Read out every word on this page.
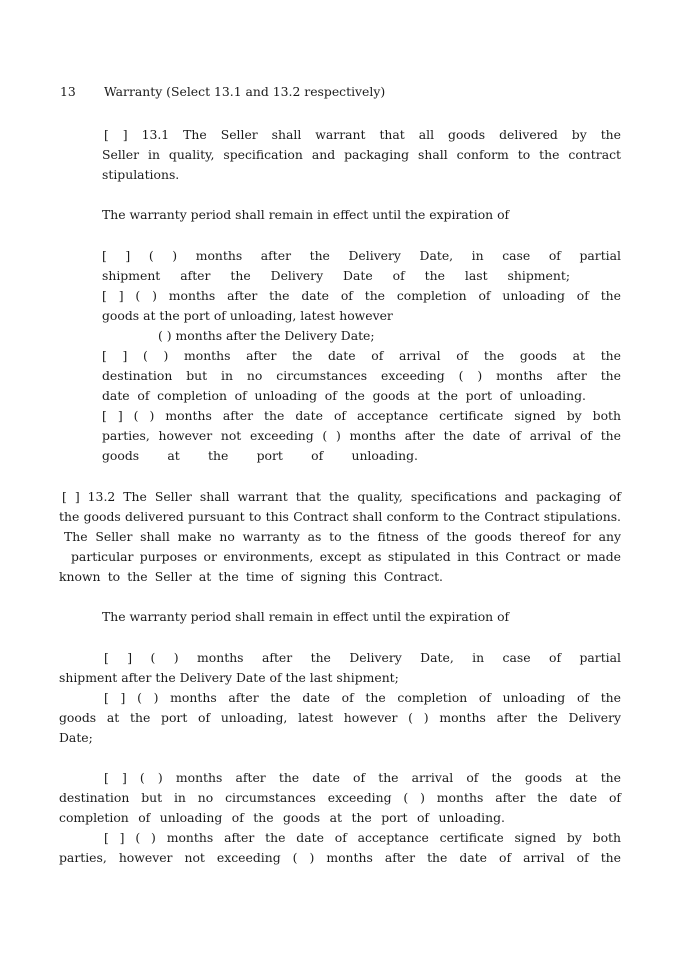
13 Warranty (Select 13.1 and 13.2 respectively)
[ ] 13.1 The Seller shall warrant that all goods delivered by the
Seller in quality, specification and packaging shall conform to the contract
stipulations.
The warranty period shall remain in effect until the expiration of
[ ] ( ) months after the Delivery Date, in case of partial
shipment after the Delivery Date of the last shipment;
[ ] ( ) months after the date of the completion of unloading of the
goods at the port of unloading, latest however
( ) months after the Delivery Date;
[ ] ( ) months after the date of arrival of the goods at the
destination but in no circumstances exceeding ( ) months after the
date of completion of unloading of the goods at the port of unloading.
[ ] ( ) months after the date of acceptance certificate signed by both
parties, however not exceeding ( ) months after the date of arrival of the
goods at the port of unloading.
[ ] 13.2 The Seller shall warrant that the quality, specifications and packaging of
the goods delivered pursuant to this Contract shall conform to the Contract stipulations.
The Seller shall make no warranty as to the fitness of the goods thereof for any
particular purposes or environments, except as stipulated in this Contract or made
known to the Seller at the time of signing this Contract.
The warranty period shall remain in effect until the expiration of
[ ] ( ) months after the Delivery Date, in case of partial
shipment after the Delivery Date of the last shipment;
[ ] ( ) months after the date of the completion of unloading of the
goods at the port of unloading, latest however ( ) months after the Delivery
Date;
[ ] ( ) months after the date of the arrival of the goods at the
destination but in no circumstances exceeding ( ) months after the date of
completion of unloading of the goods at the port of unloading.
[ ] ( ) months after the date of acceptance certificate signed by both
parties, however not exceeding ( ) months after the date of arrival of the
